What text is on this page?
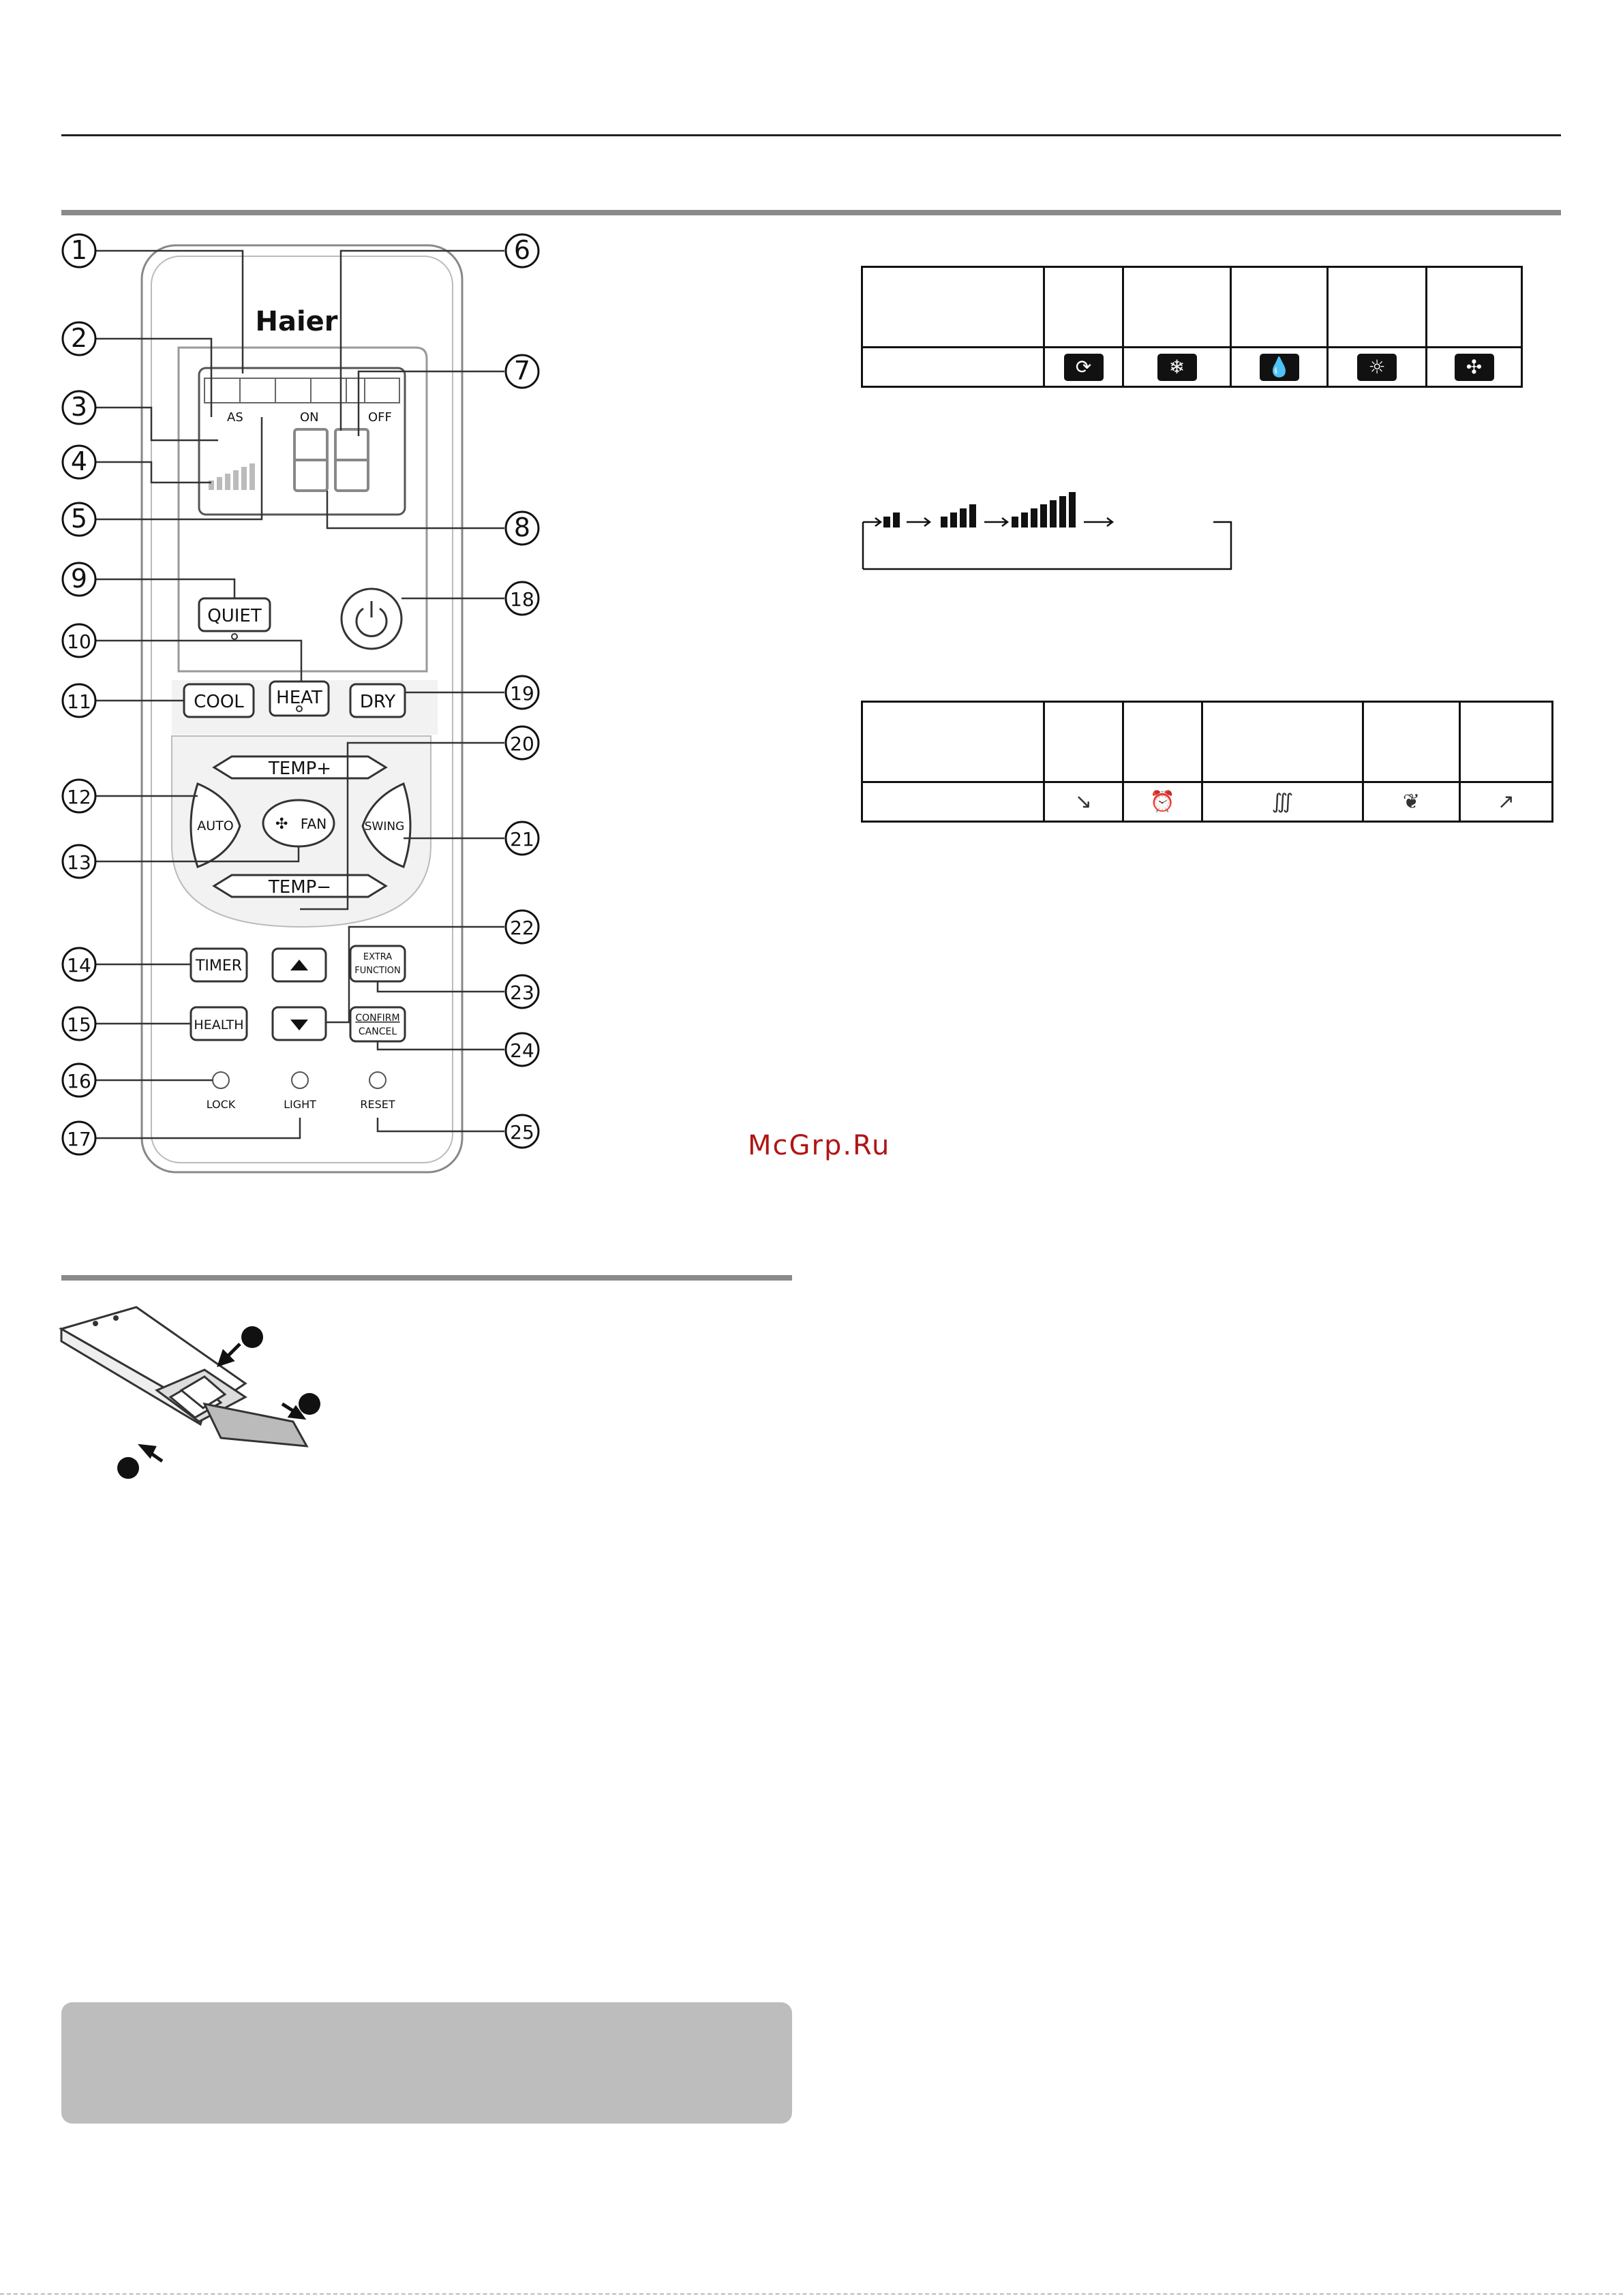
Haier
AS	ON	OFF
QUIET
COOL HEAT DRY
TEMP+
TEMP−
AUTO	SWING
✣ FAN
TIMER
EXTRA
FUNCTION
HEALTH	CONFIRM
CANCEL
LOCK	LIGHT	RESET
1
2
3
4
5
6
7
8
9
10
11
12
13
14
15
16
17
18
19
20
21
22
23
24
25

	⟳	❄	💧	☼	✣

	↘	⏰	∭	❦	↗
McGrp.Ru
2
1
3
